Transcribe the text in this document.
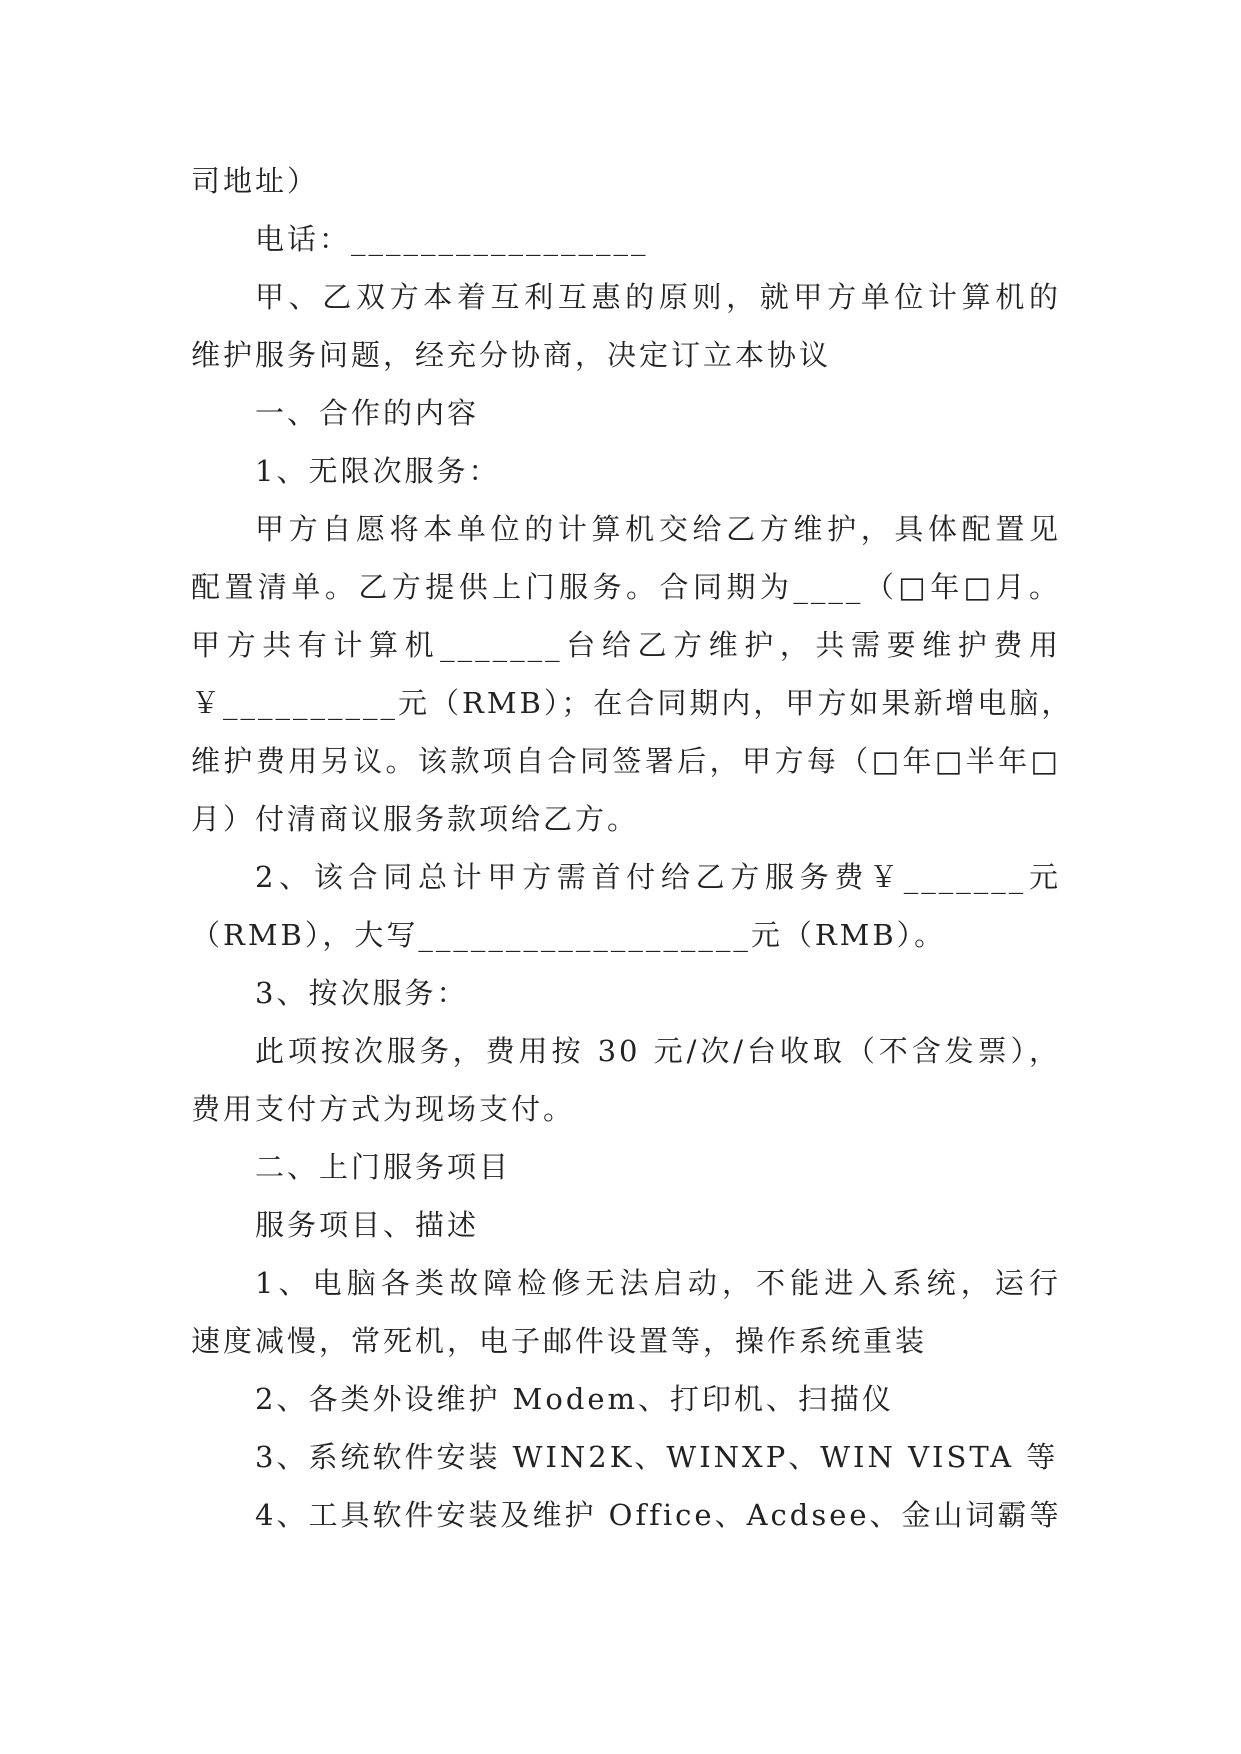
司地址）
电话：_________________
甲、乙双方本着互利互惠的原则，就甲方单位计算机的
维护服务问题，经充分协商，决定订立本协议
一、合作的内容
1、无限次服务：
甲方自愿将本单位的计算机交给乙方维护，具体配置见
配置清单。乙方提供上门服务。合同期为____（□年□月。
甲方共有计算机_______台给乙方维护，共需要维护费用
￥__________元（RMB）；在合同期内，甲方如果新增电脑，
维护费用另议。该款项自合同签署后，甲方每（□年□半年□
月）付清商议服务款项给乙方。
2、该合同总计甲方需首付给乙方服务费￥_______元
（RMB），大写___________________元（RMB）。
3、按次服务：
此项按次服务，费用按 30 元/次/台收取（不含发票），
费用支付方式为现场支付。
二、上门服务项目
服务项目、描述
1、电脑各类故障检修无法启动，不能进入系统，运行
速度减慢，常死机，电子邮件设置等，操作系统重装
2、各类外设维护 Modem、打印机、扫描仪
3、系统软件安装 WIN2K、WINXP、WIN VISTA 等
4、工具软件安装及维护 Office、Acdsee、金山词霸等
